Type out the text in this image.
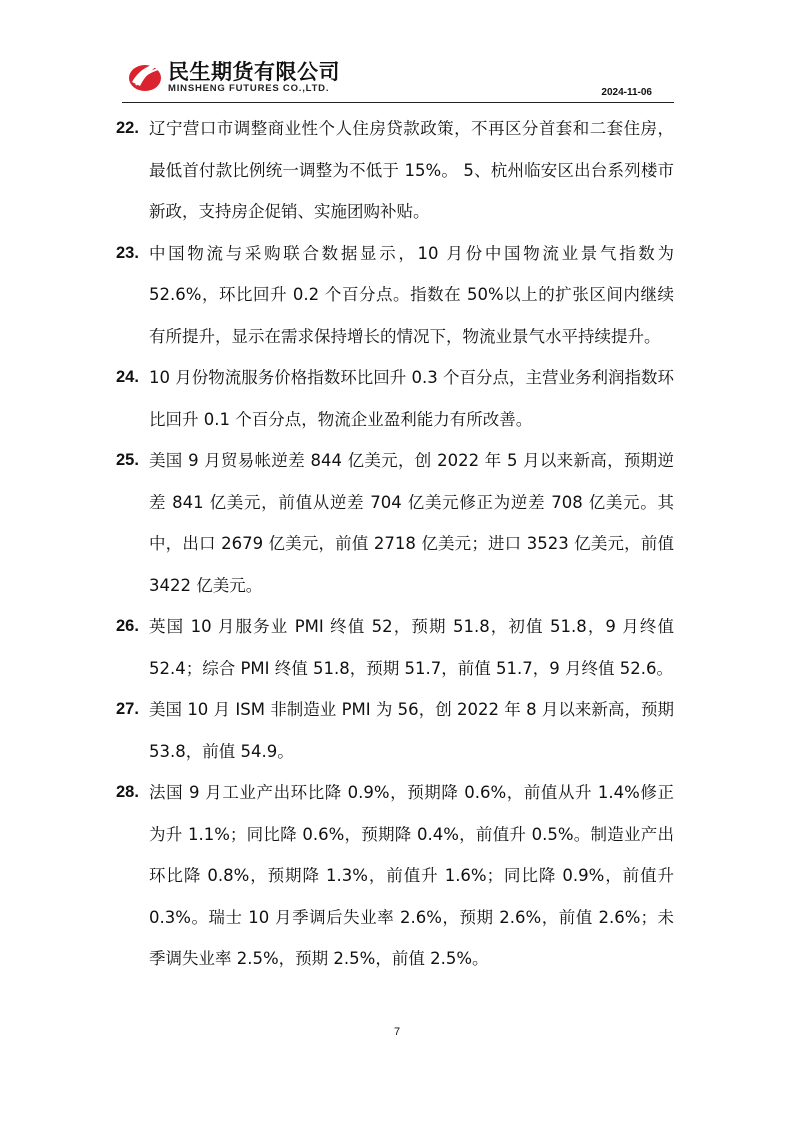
民生期货有限公司
MINSHENG FUTURES CO.,LTD.	2024-11-06
22. 辽宁营口市调整商业性个人住房贷款政策，不再区分首套和二套住房，最低首付款比例统一调整为不低于 15%。 5、杭州临安区出台系列楼市新政，支持房企促销、实施团购补贴。
23. 中国物流与采购联合数据显示，10 月份中国物流业景气指数为 52.6%，环比回升 0.2 个百分点。指数在 50%以上的扩张区间内继续有所提升，显示在需求保持增长的情况下，物流业景气水平持续提升。
24. 10 月份物流服务价格指数环比回升 0.3 个百分点，主营业务利润指数环比回升 0.1 个百分点，物流企业盈利能力有所改善。
25. 美国 9 月贸易帐逆差 844 亿美元，创 2022 年 5 月以来新高，预期逆差 841 亿美元，前值从逆差 704 亿美元修正为逆差 708 亿美元。其中，出口 2679 亿美元，前值 2718 亿美元；进口 3523 亿美元，前值 3422 亿美元。
26. 英国 10 月服务业 PMI 终值 52，预期 51.8，初值 51.8，9 月终值 52.4；综合 PMI 终值 51.8，预期 51.7，前值 51.7，9 月终值 52.6。
27. 美国 10 月 ISM 非制造业 PMI 为 56，创 2022 年 8 月以来新高，预期 53.8，前值 54.9。
28. 法国 9 月工业产出环比降 0.9%，预期降 0.6%，前值从升 1.4%修正为升 1.1%；同比降 0.6%，预期降 0.4%，前值升 0.5%。制造业产出环比降 0.8%，预期降 1.3%，前值升 1.6%；同比降 0.9%，前值升 0.3%。瑞士 10 月季调后失业率 2.6%，预期 2.6%，前值 2.6%；未季调失业率 2.5%，预期 2.5%，前值 2.5%。
7
